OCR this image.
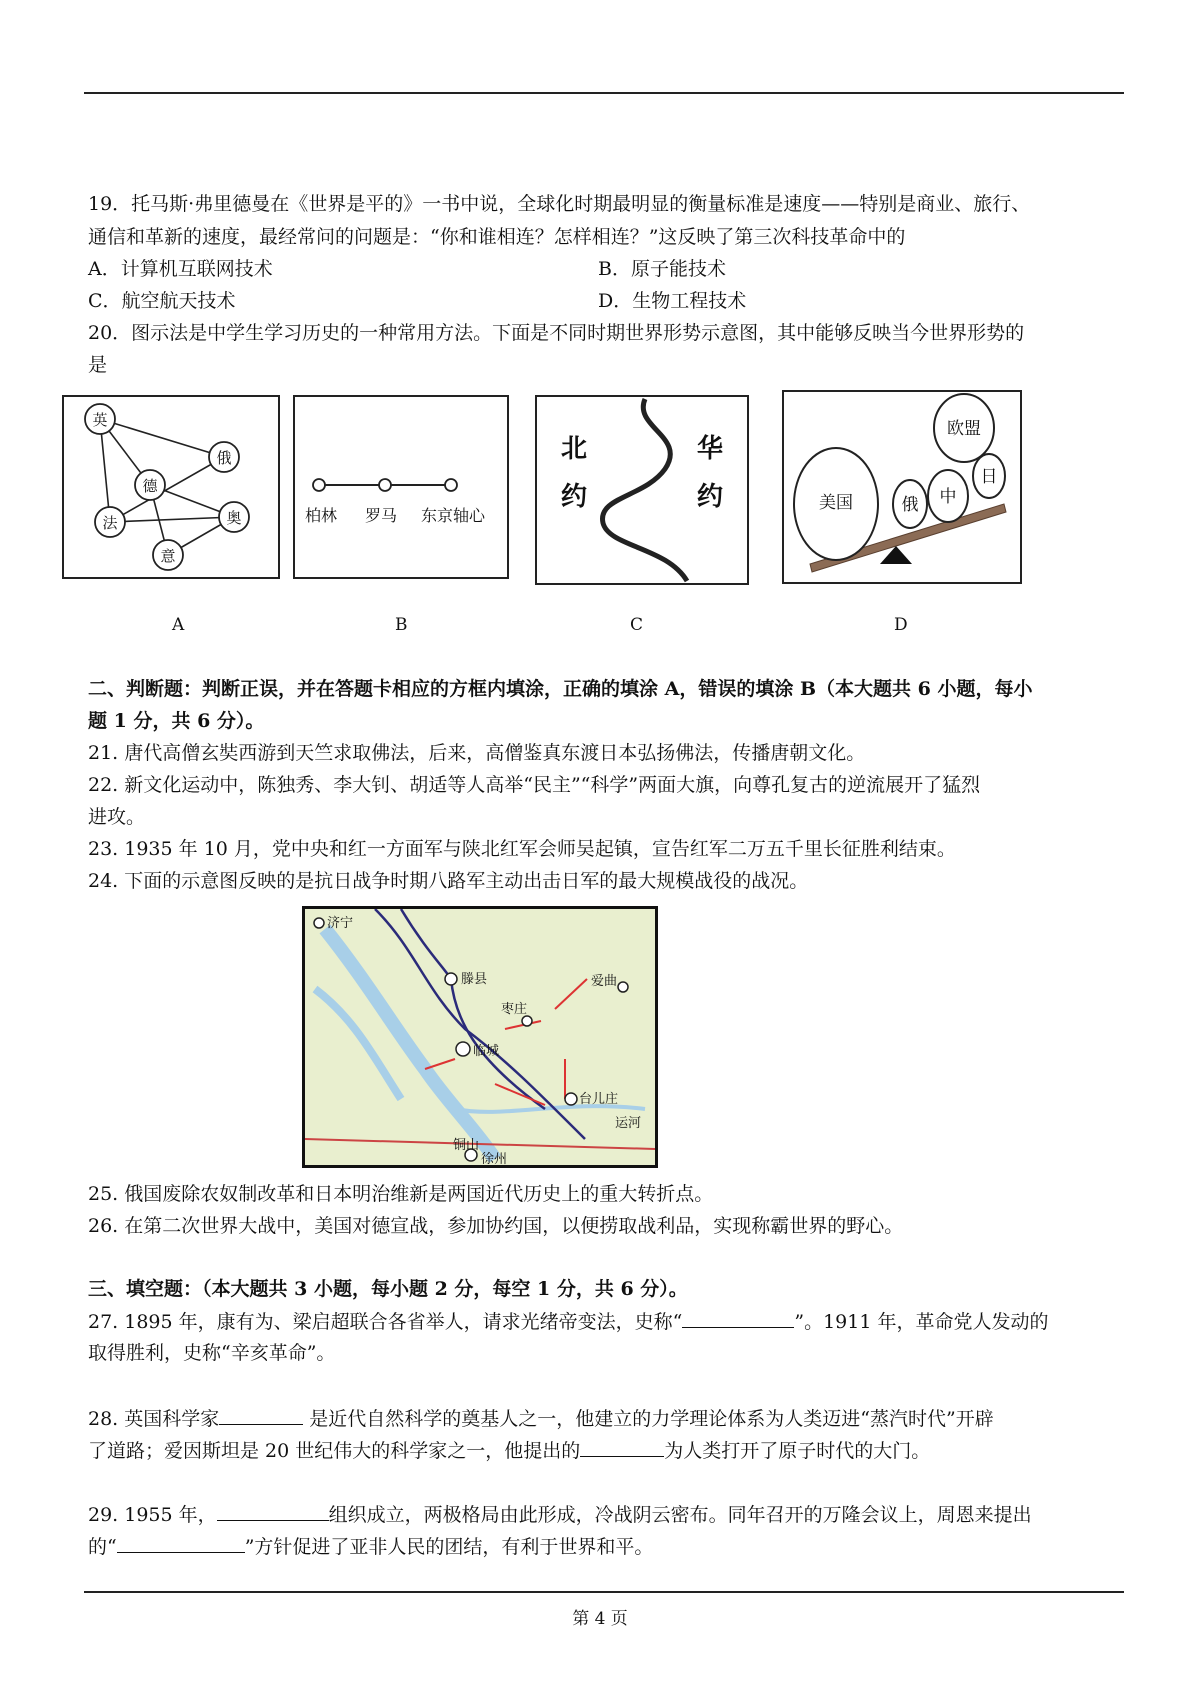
19．托马斯·弗里德曼在《世界是平的》一书中说，全球化时期最明显的衡量标准是速度——特别是商业、旅行、
通信和革新的速度，最经常问的问题是：“你和谁相连？怎样相连？”这反映了第三次科技革命中的
A．计算机互联网技术	B．原子能技术
C．航空航天技术	D．生物工程技术
20．图示法是中学生学习历史的一种常用方法。下面是不同时期世界形势示意图，其中能够反映当今世界形势的
是
英
俄
德
法	奥
意
柏林 罗马 东京轴心
北
约
华
约	美国
欧盟
俄 中
日
A	B	C	D
二、判断题：判断正误，并在答题卡相应的方框内填涂，正确的填涂 A，错误的填涂 B（本大题共 6 小题，每小
题 1 分，共 6 分）。
21. 唐代高僧玄奘西游到天竺求取佛法，后来，高僧鉴真东渡日本弘扬佛法，传播唐朝文化。
22. 新文化运动中，陈独秀、李大钊、胡适等人高举“民主”“科学”两面大旗，向尊孔复古的逆流展开了猛烈
进攻。
23. 1935 年 10 月，党中央和红一方面军与陕北红军会师吴起镇，宣告红军二万五千里长征胜利结束。
24. 下面的示意图反映的是抗日战争时期八路军主动出击日军的最大规模战役的战况。
济宁
滕县
枣庄
爱曲
临城
台儿庄
运河
铜山
徐州
25. 俄国废除农奴制改革和日本明治维新是两国近代历史上的重大转折点。
26. 在第二次世界大战中，美国对德宣战，参加协约国，以便捞取战利品，实现称霸世界的野心。
三、填空题：（本大题共 3 小题，每小题 2 分，每空 1 分，共 6 分）。
27. 1895 年，康有为、梁启超联合各省举人，请求光绪帝变法，史称“	”。1911 年，革命党人发动的
取得胜利，史称“辛亥革命”。
28. 英国科学家	是近代自然科学的奠基人之一，他建立的力学理论体系为人类迈进“蒸汽时代”开辟
了道路；爱因斯坦是 20 世纪伟大的科学家之一，他提出的	为人类打开了原子时代的大门。
29. 1955 年，	组织成立，两极格局由此形成，冷战阴云密布。同年召开的万隆会议上，周恩来提出
的“	”方针促进了亚非人民的团结，有利于世界和平。
第 4 页
